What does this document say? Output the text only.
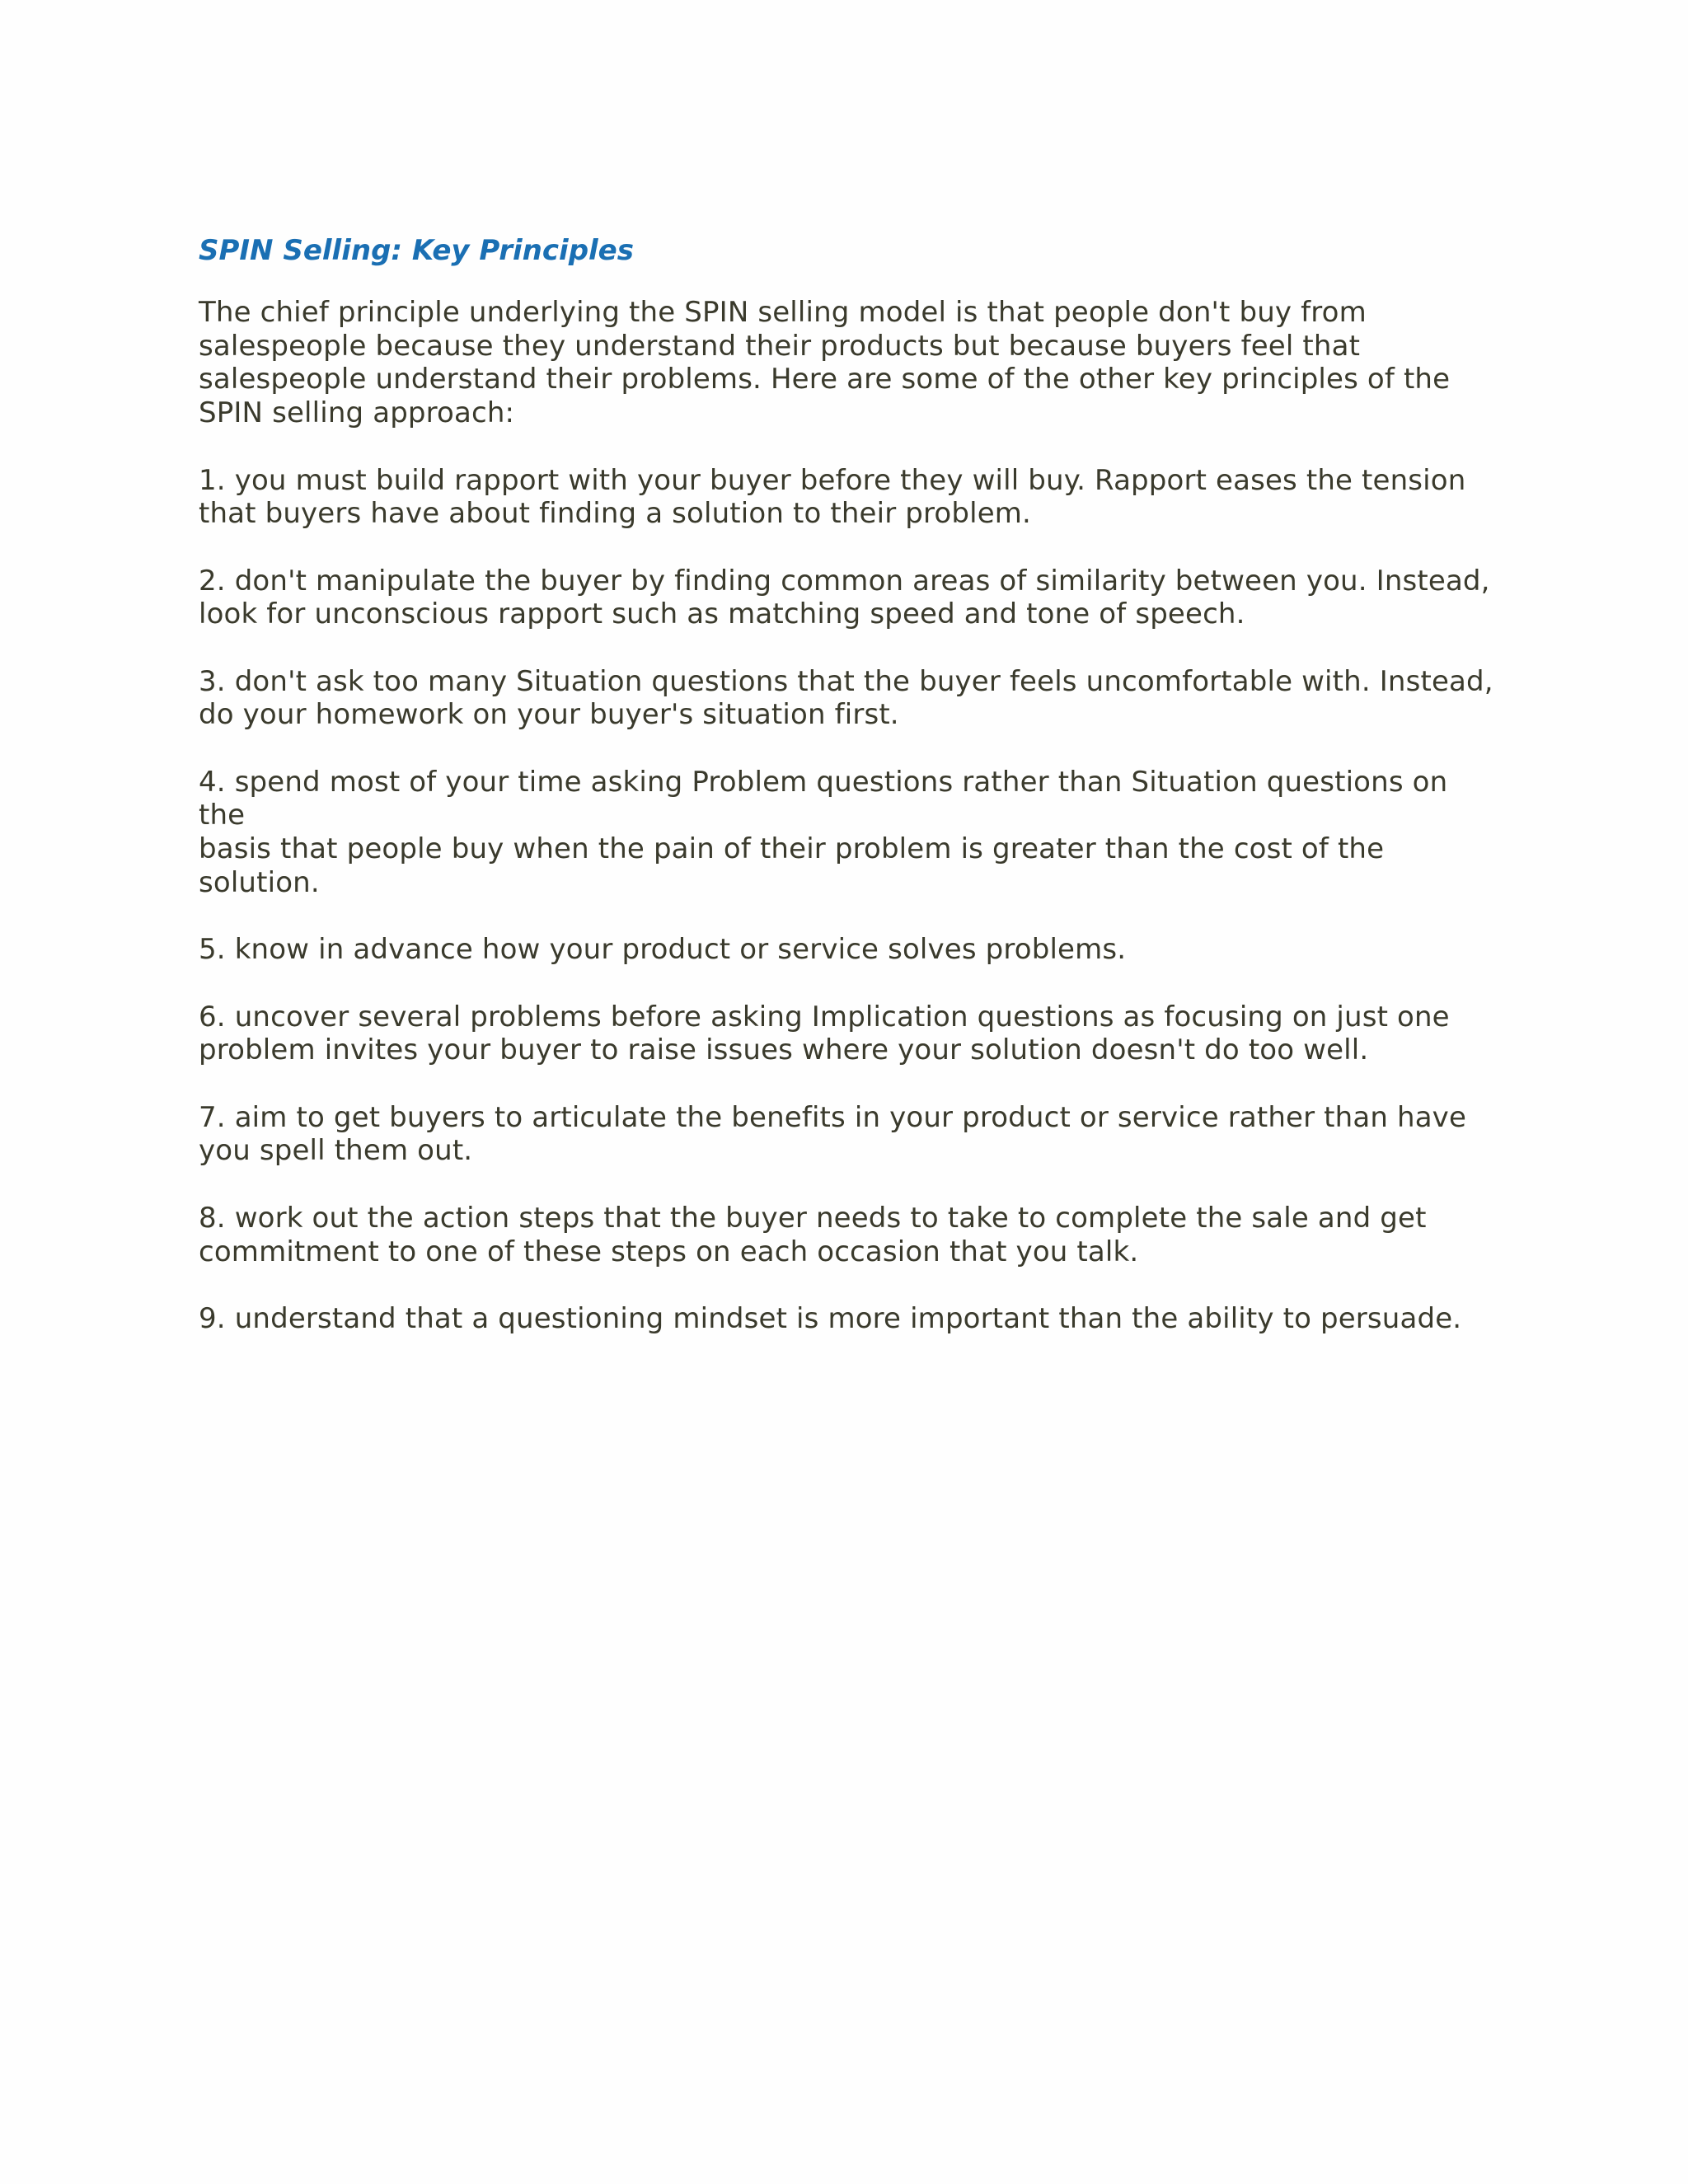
SPIN Selling: Key Principles
The chief principle underlying the SPIN selling model is that people don't buy from
salespeople because they understand their products but because buyers feel that
salespeople understand their problems. Here are some of the other key principles of the
SPIN selling approach:
1. you must build rapport with your buyer before they will buy. Rapport eases the tension
that buyers have about finding a solution to their problem.
2. don't manipulate the buyer by finding common areas of similarity between you. Instead,
look for unconscious rapport such as matching speed and tone of speech.
3. don't ask too many Situation questions that the buyer feels uncomfortable with. Instead,
do your homework on your buyer's situation first.
4. spend most of your time asking Problem questions rather than Situation questions on the
basis that people buy when the pain of their problem is greater than the cost of the
solution.
5. know in advance how your product or service solves problems.
6. uncover several problems before asking Implication questions as focusing on just one
problem invites your buyer to raise issues where your solution doesn't do too well.
7. aim to get buyers to articulate the benefits in your product or service rather than have
you spell them out.
8. work out the action steps that the buyer needs to take to complete the sale and get
commitment to one of these steps on each occasion that you talk.
9. understand that a questioning mindset is more important than the ability to persuade.
